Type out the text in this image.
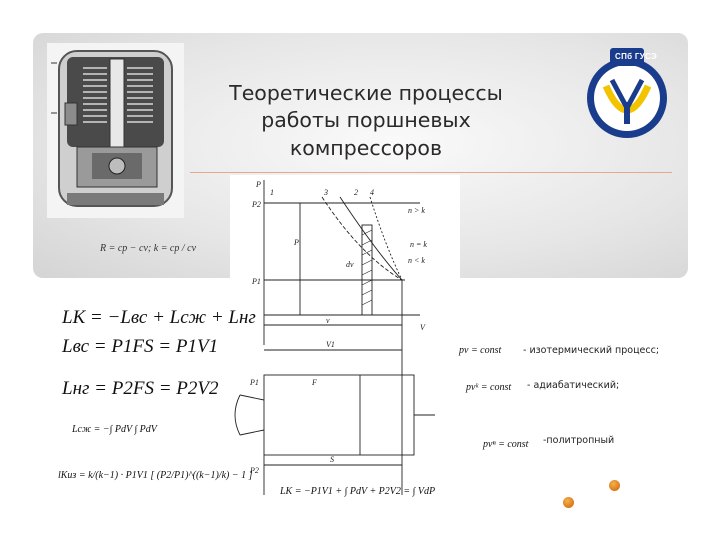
Теоретические процессы
работы поршневых
компрессоров
СПб ГУСЭ
R = cp − cv; k = cp / cv
P
P2
P1
P
n > k
n = k
n < k
dv
V
v
V1
F
S
P1
P2
1	2
3	4
LК = −Lвс + Lсж + Lнг
Lвс = P1FS = P1V1
Lнг = P2FS = P2V2
Lсж = −∫ PdV ∫ PdV
lКиз = k/(k−1) · P1V1 [ (P2/P1)^((k−1)/k) − 1 ]
LК = −P1V1 + ∫ PdV + P2V2 = ∫ VdP
pv = const - изотермический процесс;
pvᵏ = const - адиабатический;
pvⁿ = const -политропный
